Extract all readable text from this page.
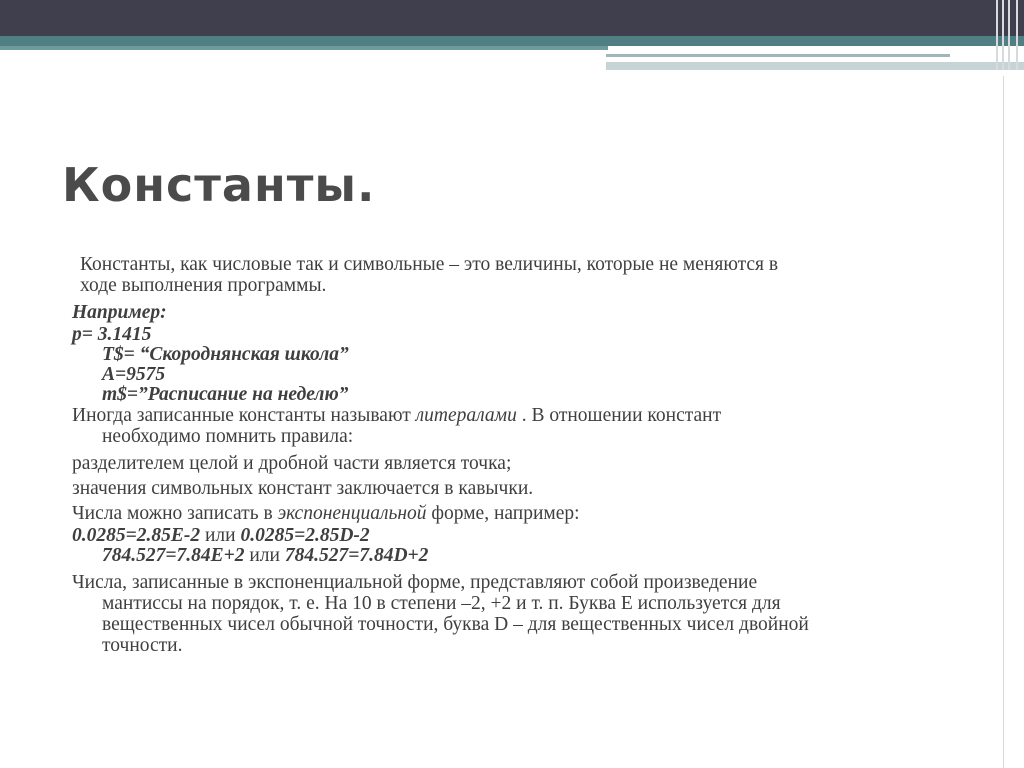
Константы.

Константы, как числовые так и символьные – это величины, которые не меняются в
ходе выполнения программы.

Например:

p= 3.1415
T$= “Скороднянская школа”
A=9575
m$=”Расписание на неделю”

Иногда записанные константы называют литералами . В отношении констант
необходимо помнить правила:

разделителем целой и дробной части является точка;

значения символьных констант заключается в кавычки.

Числа можно записать в экспоненциальной форме, например:

0.0285=2.85E-2 или 0.0285=2.85D-2
784.527=7.84E+2 или 784.527=7.84D+2

Числа, записанные в экспоненциальной форме, представляют собой произведение
мантиссы на порядок, т. е. На 10 в степени –2, +2 и т. п. Буква Е используется для
вещественных чисел обычной точности, буква D – для вещественных чисел двойной
точности.
